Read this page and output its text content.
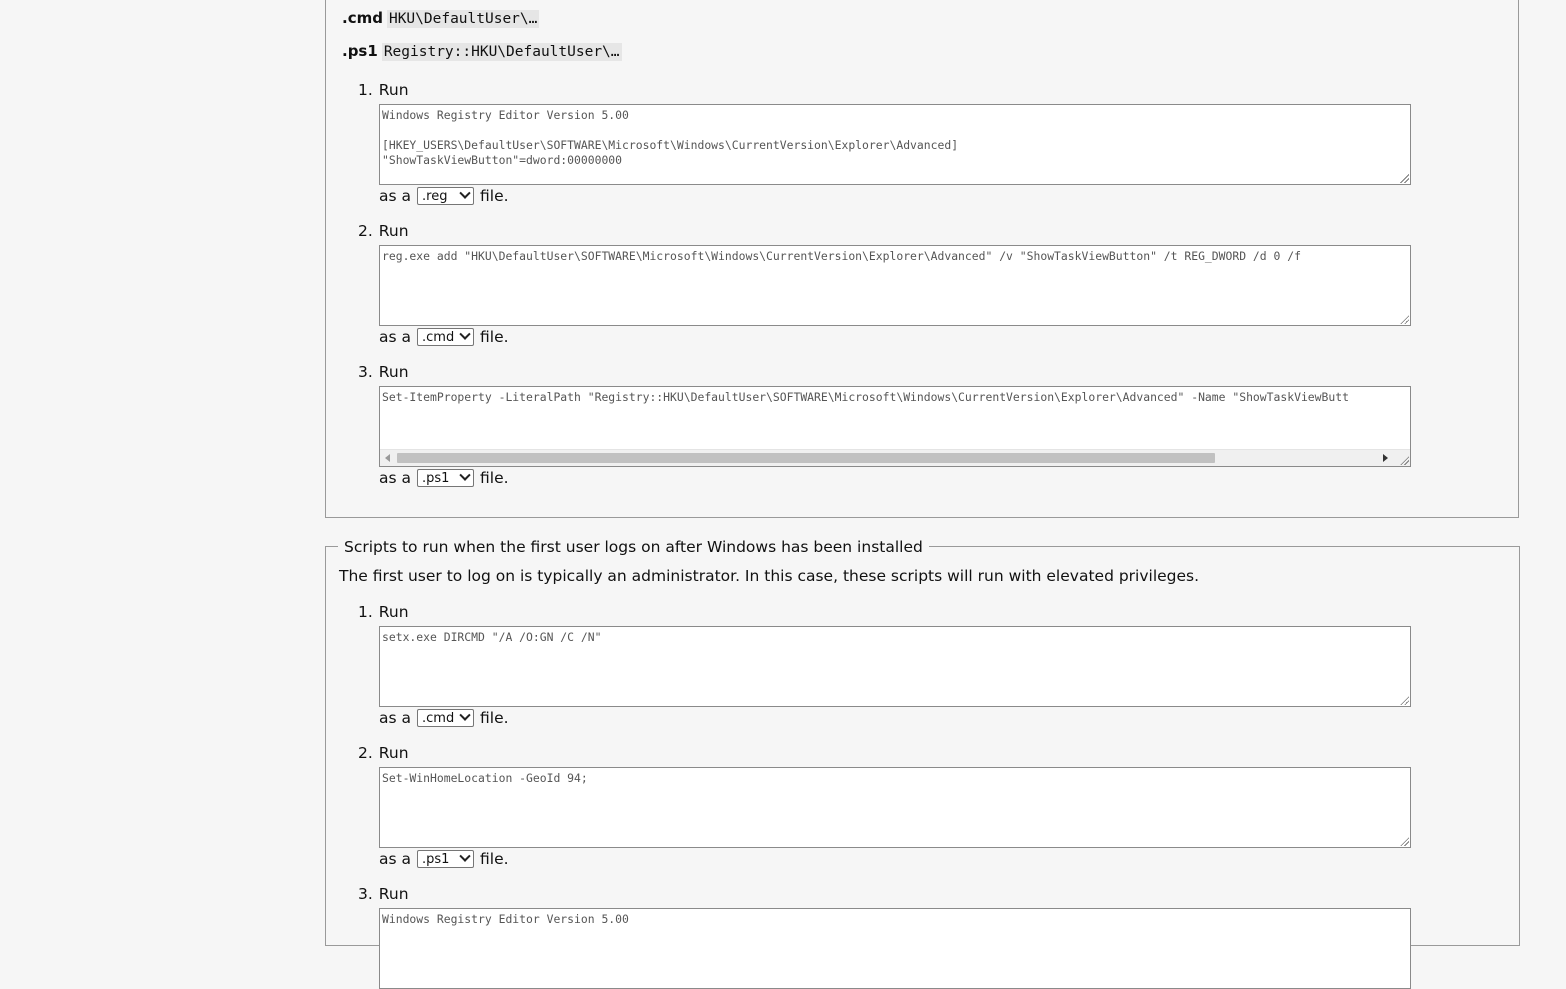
.cmd HKU\DefaultUser\…
.ps1 Registry::HKU\DefaultUser\…
1. Run
Windows Registry Editor Version 5.00

[HKEY_USERS\DefaultUser\SOFTWARE\Microsoft\Windows\CurrentVersion\Explorer\Advanced]
"ShowTaskViewButton"=dword:00000000
as a .reg file.
2. Run
reg.exe add "HKU\DefaultUser\SOFTWARE\Microsoft\Windows\CurrentVersion\Explorer\Advanced" /v "ShowTaskViewButton" /t REG_DWORD /d 0 /f
as a .cmd file.
3. Run
Set-ItemProperty -LiteralPath "Registry::HKU\DefaultUser\SOFTWARE\Microsoft\Windows\CurrentVersion\Explorer\Advanced" -Name "ShowTaskViewButt
as a .ps1 file.
Scripts to run when the first user logs on after Windows has been installed
The first user to log on is typically an administrator. In this case, these scripts will run with elevated privileges.
1. Run
setx.exe DIRCMD "/A /O:GN /C /N"
as a .cmd file.
2. Run
Set-WinHomeLocation -GeoId 94;
as a .ps1 file.
3. Run
Windows Registry Editor Version 5.00
